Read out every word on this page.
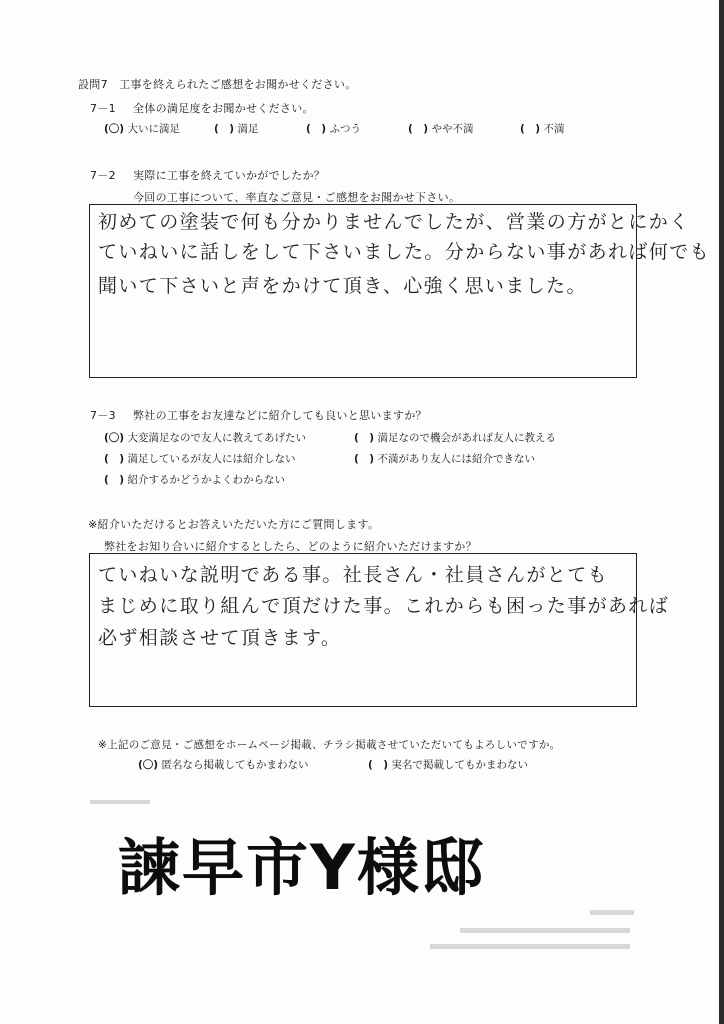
設問7　工事を終えられたご感想をお聞かせください。
7－1 全体の満足度をお聞かせください。
(〇) 大いに満足	(　) 満足	(　) ふつう	(　) やや不満	(　) 不満
7－2 実際に工事を終えていかがでしたか？
今回の工事について、率直なご意見・ご感想をお聞かせ下さい。
初めての塗装で何も分かりませんでしたが、営業の方がとにかく
ていねいに話しをして下さいました。分からない事があれば何でも
聞いて下さいと声をかけて頂き、心強く思いました。
7－3 弊社の工事をお友達などに紹介しても良いと思いますか？
(〇) 大変満足なので友人に教えてあげたい	(　) 満足なので機会があれば友人に教える
(　) 満足しているが友人には紹介しない	(　) 不満があり友人には紹介できない
(　) 紹介するかどうかよくわからない
※紹介いただけるとお答えいただいた方にご質問します。
弊社をお知り合いに紹介するとしたら、どのように紹介いただけますか？
ていねいな説明である事。社長さん・社員さんがとても
まじめに取り組んで頂だけた事。これからも困った事があれば
必ず相談させて頂きます。
※上記のご意見・ご感想をホームページ掲載、チラシ掲載させていただいてもよろしいですか。
(〇) 匿名なら掲載してもかまわない	(　) 実名で掲載してもかまわない
諫早市Y様邸
